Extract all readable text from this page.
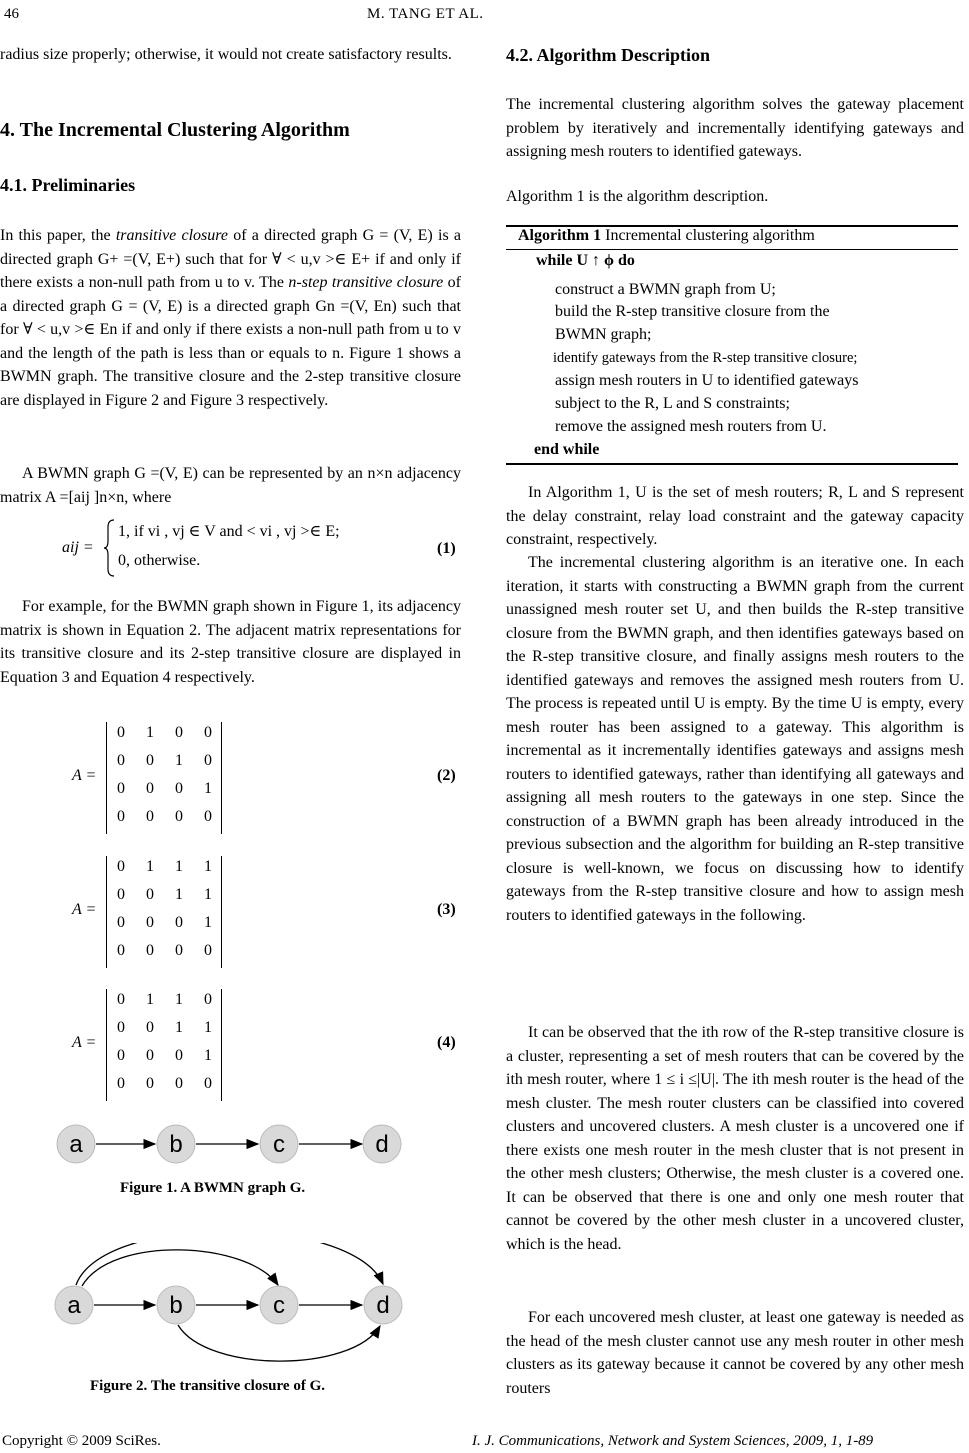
46	M. TANG ET AL.

radius size properly; otherwise, it would not create satisfactory results.

4. The Incremental Clustering Algorithm
4.1. Preliminaries

In this paper, the transitive closure of a directed graph G = (V, E) is a directed graph G+ =(V, E+) such that for ∀ < u,v >∈ E+ if and only if there exists a non-null path from u to v. The n-step transitive closure of a directed graph G = (V, E) is a directed graph Gn =(V, En) such that for ∀ < u,v >∈ En if and only if there exists a non-null path from u to v and the length of the path is less than or equals to n. Figure 1 shows a BWMN graph. The transitive closure and the 2-step transitive closure are displayed in Figure 2 and Figure 3 respectively.

A BWMN graph G =(V, E) can be represented by an n×n adjacency matrix A =[aij ]n×n, where

aij =
1, if vi , vj ∈ V and < vi , vj >∈ E;
0, otherwise.
(1)

For example, for the BWMN graph shown in Figure 1, its adjacency matrix is shown in Equation 2. The adjacent matrix representations for its transitive closure and its 2-step transitive closure are displayed in Equation 3 and Equation 4 respectively.

A =
0	1	0	0
0	0	1	0
0	0	0	1
0	0	0	0
(2)
A =
0	1	1	1
0	0	1	1
0	0	0	1
0	0	0	0
(3)
A =
0	1	1	0
0	0	1	1
0	0	0	1
0	0	0	0
(4)
a	b	c	d
Figure 1. A BWMN graph G.
a	b	c	d
Figure 2. The transitive closure of G.
4.2. Algorithm Description

The incremental clustering algorithm solves the gateway placement problem by iteratively and incrementally identifying gateways and assigning mesh routers to identified gateways.

Algorithm 1 is the algorithm description.

Algorithm 1 Incremental clustering algorithm
while U ↑ ϕ do
construct a BWMN graph from U;
build the R-step transitive closure from the
BWMN graph;
identify gateways from the R-step transitive closure;
assign mesh routers in U to identified gateways
subject to the R, L and S constraints;
remove the assigned mesh routers from U.
end while

In Algorithm 1, U is the set of mesh routers; R, L and S represent the delay constraint, relay load constraint and the gateway capacity constraint, respectively.

The incremental clustering algorithm is an iterative one. In each iteration, it starts with constructing a BWMN graph from the current unassigned mesh router set U, and then builds the R-step transitive closure from the BWMN graph, and then identifies gateways based on the R-step transitive closure, and finally assigns mesh routers to the identified gateways and removes the assigned mesh routers from U. The process is repeated until U is empty. By the time U is empty, every mesh router has been assigned to a gateway. This algorithm is incremental as it incrementally identifies gateways and assigns mesh routers to identified gateways, rather than identifying all gateways and assigning all mesh routers to the gateways in one step. Since the construction of a BWMN graph has been already introduced in the previous subsection and the algorithm for building an R-step transitive closure is well-known, we focus on discussing how to identify gateways from the R-step transitive closure and how to assign mesh routers to identified gateways in the following.

It can be observed that the ith row of the R-step transitive closure is a cluster, representing a set of mesh routers that can be covered by the ith mesh router, where 1 ≤ i ≤|U|. The ith mesh router is the head of the mesh cluster. The mesh router clusters can be classified into covered clusters and uncovered clusters. A mesh cluster is a uncovered one if there exists one mesh router in the mesh cluster that is not present in the other mesh clusters; Otherwise, the mesh cluster is a covered one. It can be observed that there is one and only one mesh router that cannot be covered by the other mesh cluster in a uncovered cluster, which is the head.

For each uncovered mesh cluster, at least one gateway is needed as the head of the mesh cluster cannot use any mesh router in other mesh clusters as its gateway because it cannot be covered by any other mesh routers

Copyright © 2009 SciRes.	I. J. Communications, Network and System Sciences, 2009, 1, 1-89
